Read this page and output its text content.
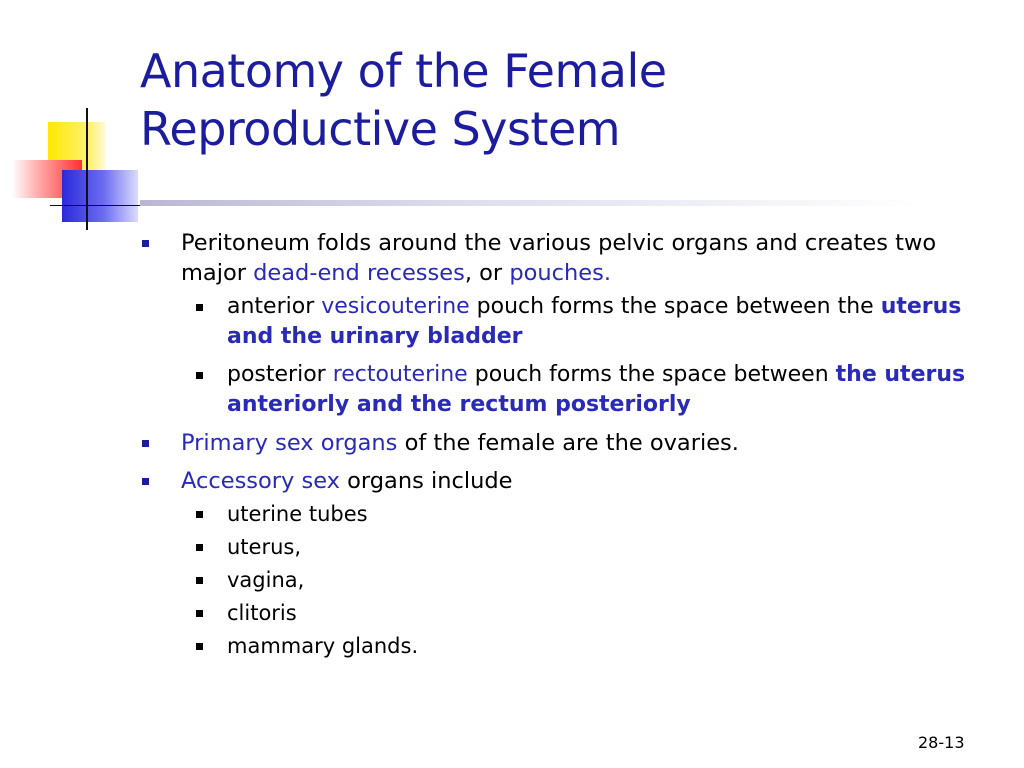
Anatomy of the Female
Reproductive System
Peritoneum folds around the various pelvic organs and creates two major dead-end recesses, or pouches.
anterior vesicouterine pouch forms the space between the uterus and the urinary bladder
posterior rectouterine pouch forms the space between the uterus anteriorly and the rectum posteriorly
Primary sex organs of the female are the ovaries.
Accessory sex organs include
uterine tubes
uterus,
vagina,
clitoris
mammary glands.
28-13
